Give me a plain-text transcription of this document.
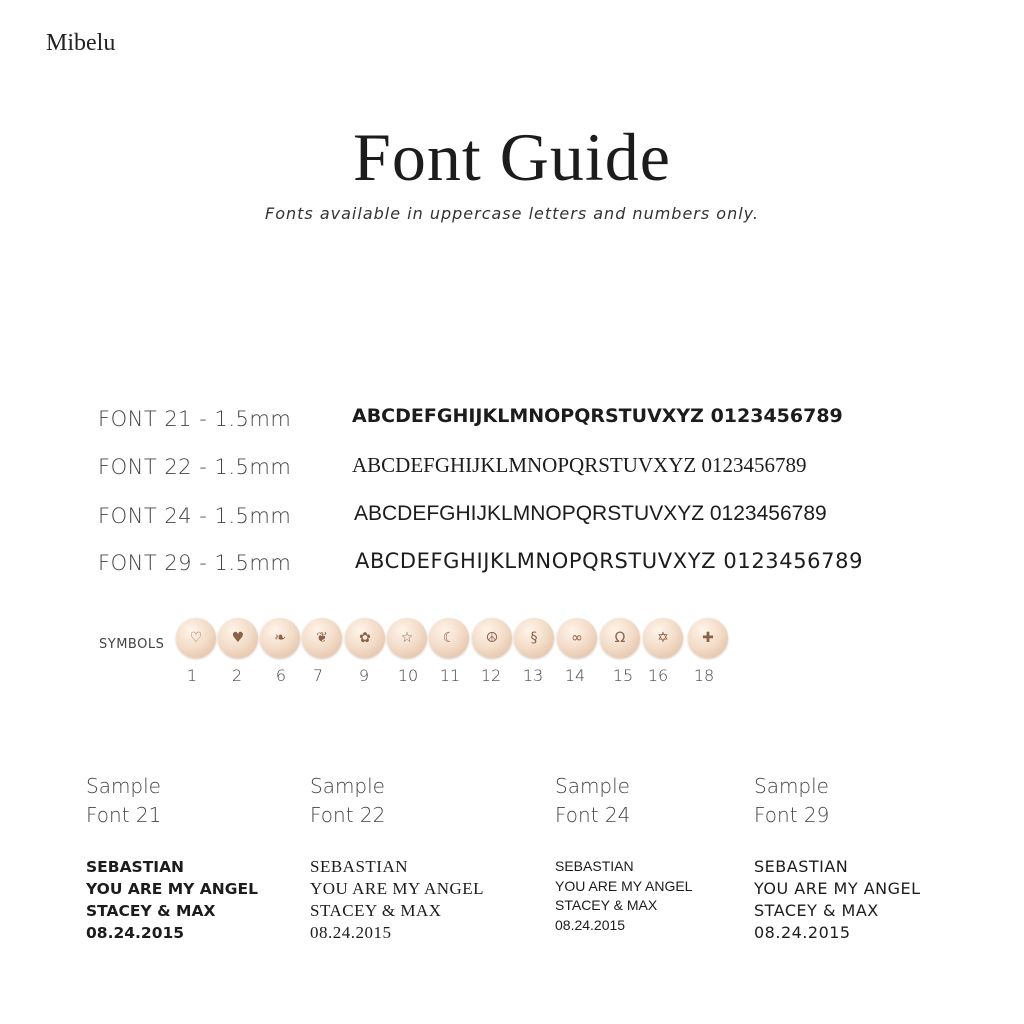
Mibelu
Font Guide
Fonts available in uppercase letters and numbers only.
FONT 21 - 1.5mm	ABCDEFGHIJKLMNOPQRSTUVXYZ 0123456789
FONT 22 - 1.5mm	ABCDEFGHIJKLMNOPQRSTUVXYZ 0123456789
FONT 24 - 1.5mm	ABCDEFGHIJKLMNOPQRSTUVXYZ 0123456789
FONT 29 - 1.5mm	ABCDEFGHIJKLMNOPQRSTUVXYZ 0123456789
SYMBOLS	♡	♥	❧	❦	✿	☆	☾	☮	§	∞	Ω	✡	✚
1	2	6	7	9	10	11	12	13	14	15 16	18
Sample
Font 21
SEBASTIAN
YOU ARE MY ANGEL
STACEY & MAX
08.24.2015
Sample
Font 22
SEBASTIAN
YOU ARE MY ANGEL
STACEY & MAX
08.24.2015
Sample
Font 24
SEBASTIAN
YOU ARE MY ANGEL
STACEY & MAX
08.24.2015
Sample
Font 29
SEBASTIAN
YOU ARE MY ANGEL
STACEY & MAX
08.24.2015
